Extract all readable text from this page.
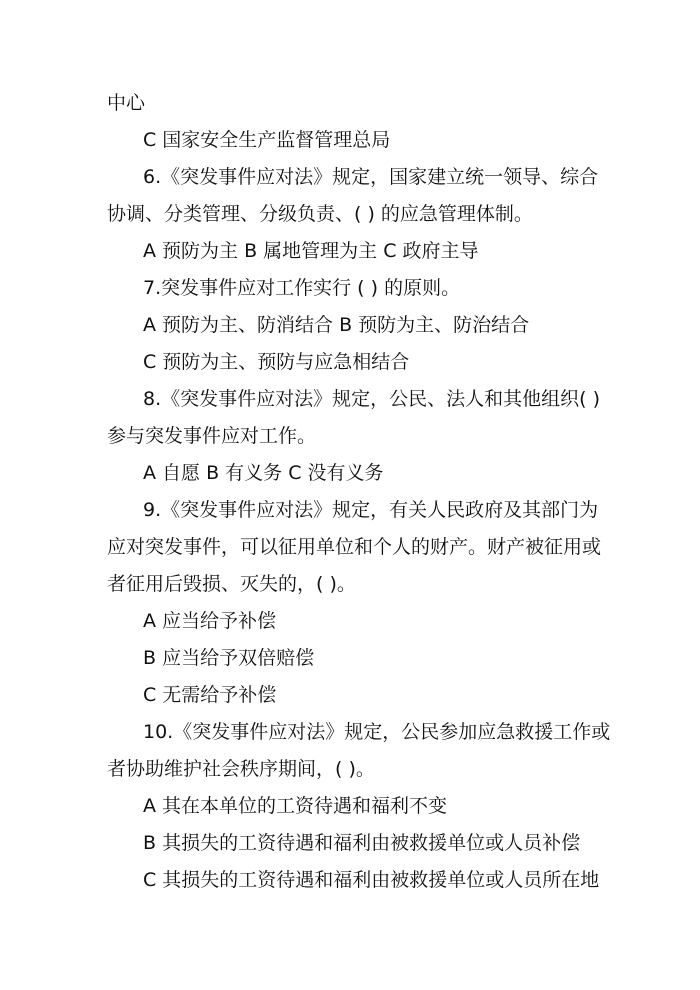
中心
C 国家安全生产监督管理总局
6.《突发事件应对法》规定，国家建立统一领导、综合
协调、分类管理、分级负责、( ) 的应急管理体制。
A 预防为主 B 属地管理为主 C 政府主导
7.突发事件应对工作实行 ( ) 的原则。
A 预防为主、防消结合 B 预防为主、防治结合
C 预防为主、预防与应急相结合
8.《突发事件应对法》规定，公民、法人和其他组织( )
参与突发事件应对工作。
A 自愿 B 有义务 C 没有义务
9.《突发事件应对法》规定，有关人民政府及其部门为
应对突发事件，可以征用单位和个人的财产。财产被征用或
者征用后毁损、灭失的，( )。
A 应当给予补偿
B 应当给予双倍赔偿
C 无需给予补偿
10.《突发事件应对法》规定，公民参加应急救援工作或
者协助维护社会秩序期间，( )。
A 其在本单位的工资待遇和福利不变
B 其损失的工资待遇和福利由被救援单位或人员补偿
C 其损失的工资待遇和福利由被救援单位或人员所在地
